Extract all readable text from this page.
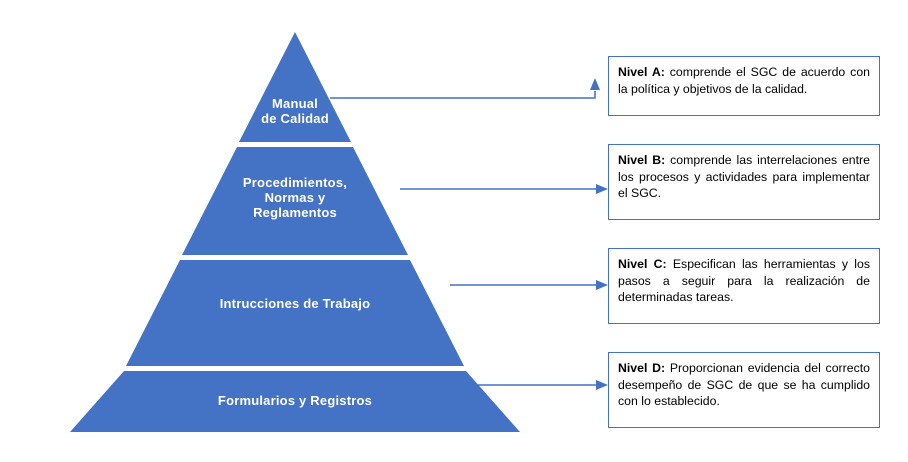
Manual
de Calidad
Procedimientos,
Normas y
Reglamentos
Intrucciones de Trabajo
Formularios y Registros
Nivel A: comprende el SGC de acuerdo con la política y objetivos de la calidad.
Nivel B: comprende las interrelaciones entre los procesos y actividades para implementar el SGC.
Nivel C: Especifican las herramientas y los pasos a seguir para la realización de determinadas tareas.
Nivel D: Proporcionan evidencia del correcto desempeño de SGC de que se ha cumplido con lo establecido.
